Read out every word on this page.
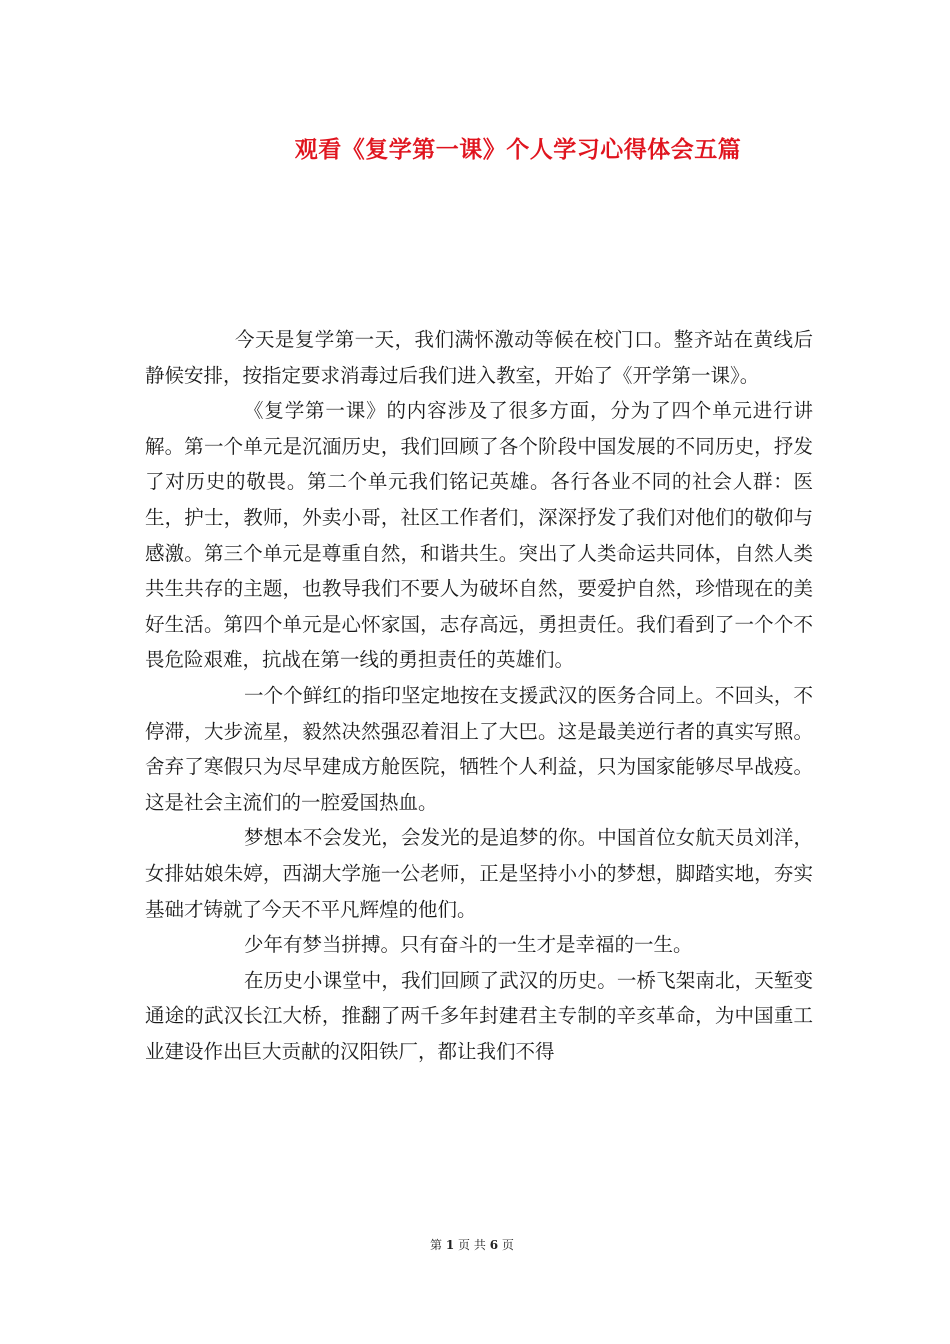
观看《复学第一课》个人学习心得体会五篇

今天是复学第一天，我们满怀激动等候在校门口。整齐站在黄线后静候安排，按指定要求消毒过后我们进入教室，开始了《开学第一课》。

《复学第一课》的内容涉及了很多方面，分为了四个单元进行讲解。第一个单元是沉湎历史，我们回顾了各个阶段中国发展的不同历史，抒发了对历史的敬畏。第二个单元我们铭记英雄。各行各业不同的社会人群：医生，护士，教师，外卖小哥，社区工作者们，深深抒发了我们对他们的敬仰与感激。第三个单元是尊重自然，和谐共生。突出了人类命运共同体，自然人类共生共存的主题，也教导我们不要人为破坏自然，要爱护自然，珍惜现在的美好生活。第四个单元是心怀家国，志存高远，勇担责任。我们看到了一个个不畏危险艰难，抗战在第一线的勇担责任的英雄们。

一个个鲜红的指印坚定地按在支援武汉的医务合同上。不回头，不停滞，大步流星，毅然决然强忍着泪上了大巴。这是最美逆行者的真实写照。舍弃了寒假只为尽早建成方舱医院，牺牲个人利益，只为国家能够尽早战疫。这是社会主流们的一腔爱国热血。

梦想本不会发光，会发光的是追梦的你。中国首位女航天员刘洋，女排姑娘朱婷，西湖大学施一公老师，正是坚持小小的梦想，脚踏实地，夯实基础才铸就了今天不平凡辉煌的他们。

少年有梦当拼搏。只有奋斗的一生才是幸福的一生。

在历史小课堂中，我们回顾了武汉的历史。一桥飞架南北，天堑变通途的武汉长江大桥，推翻了两千多年封建君主专制的辛亥革命，为中国重工业建设作出巨大贡献的汉阳铁厂，都让我们不得

第 1 页 共 6 页
